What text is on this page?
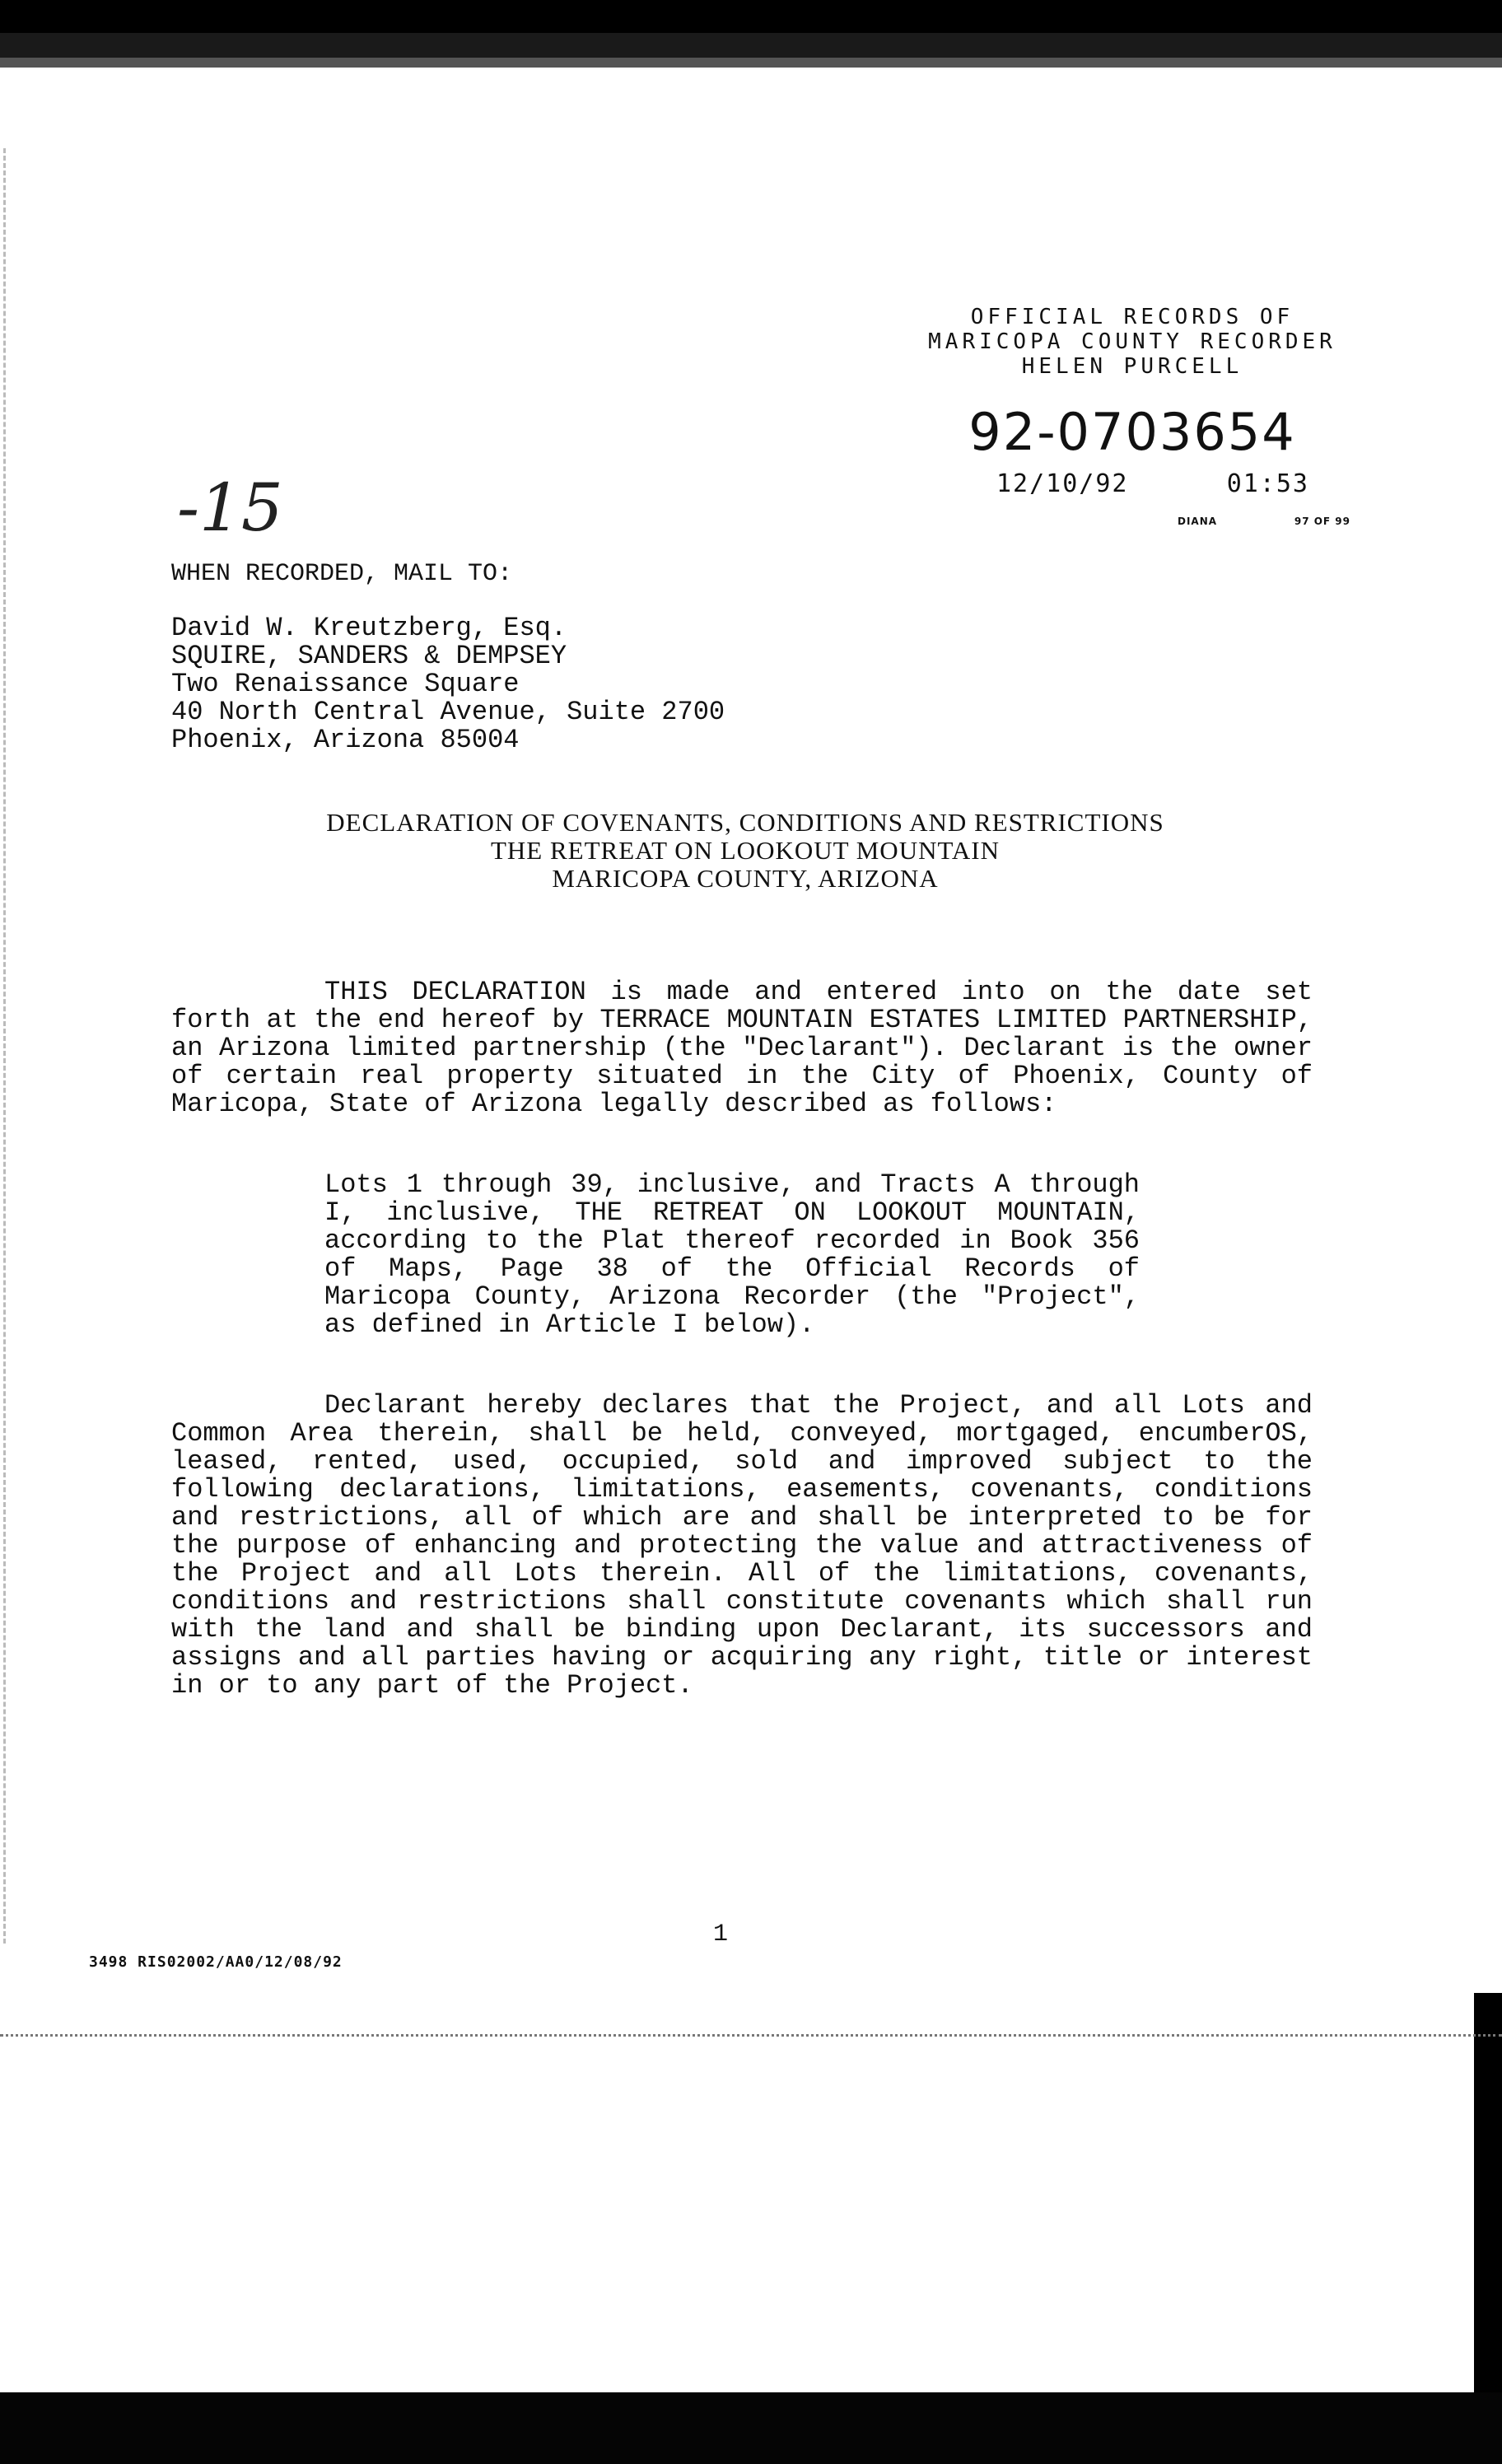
OFFICIAL RECORDS OF
MARICOPA COUNTY RECORDER
HELEN PURCELL
92-0703654
12/10/92	01:53
DIANA	97 OF 99
-15
WHEN RECORDED, MAIL TO:
David W. Kreutzberg, Esq.
SQUIRE, SANDERS & DEMPSEY
Two Renaissance Square
40 North Central Avenue, Suite 2700
Phoenix, Arizona 85004
DECLARATION OF COVENANTS, CONDITIONS AND RESTRICTIONS
THE RETREAT ON LOOKOUT MOUNTAIN
MARICOPA COUNTY, ARIZONA
THIS DECLARATION is made and entered into on the date set forth at the end hereof by TERRACE MOUNTAIN ESTATES LIMITED PARTNERSHIP, an Arizona limited partnership (the "Declarant"). Declarant is the owner of certain real property situated in the City of Phoenix, County of Maricopa, State of Arizona legally described as follows:
Lots 1 through 39, inclusive, and Tracts A through I, inclusive, THE RETREAT ON LOOKOUT MOUNTAIN, according to the Plat thereof recorded in Book 356 of Maps, Page 38 of the Official Records of Maricopa County, Arizona Recorder (the "Project", as defined in Article I below).
Declarant hereby declares that the Project, and all Lots and Common Area therein, shall be held, conveyed, mortgaged, encumberOS, leased, rented, used, occupied, sold and improved subject to the following declarations, limitations, easements, covenants, conditions and restrictions, all of which are and shall be interpreted to be for the purpose of enhancing and protecting the value and attractiveness of the Project and all Lots therein. All of the limitations, covenants, conditions and restrictions shall constitute covenants which shall run with the land and shall be binding upon Declarant, its successors and assigns and all parties having or acquiring any right, title or interest in or to any part of the Project.
1
3498 RIS02002/AA0/12/08/92
